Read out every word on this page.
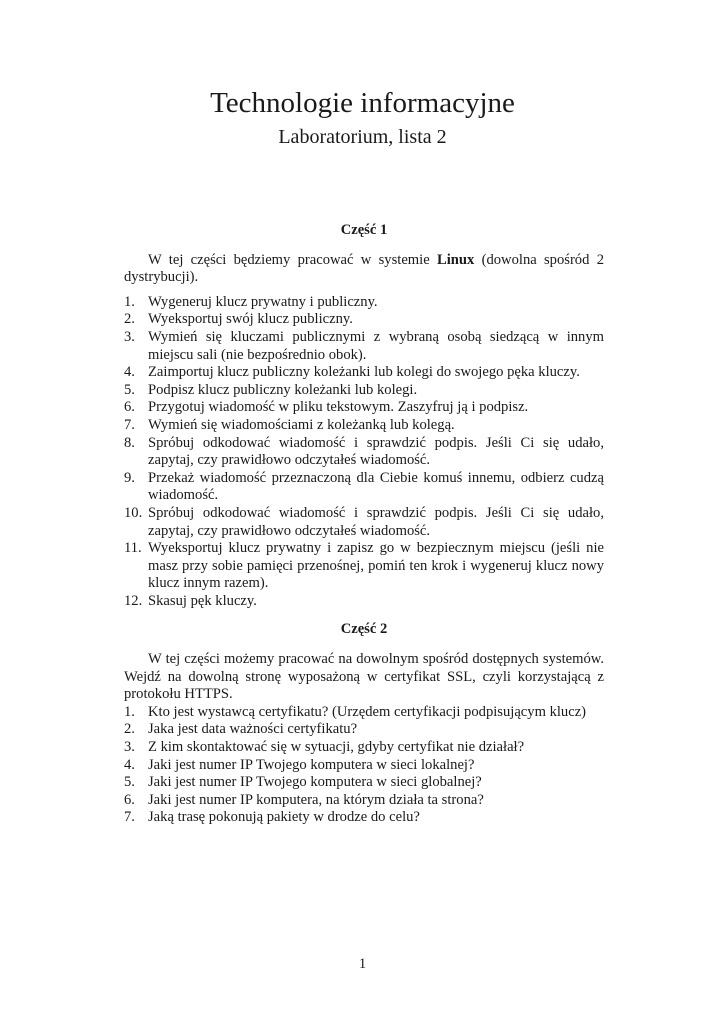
Technologie informacyjne
Laboratorium, lista 2

Część 1

W tej części będziemy pracować w systemie Linux (dowolna spośród 2 dystrybucji).

1. Wygeneruj klucz prywatny i publiczny.
2. Wyeksportuj swój klucz publiczny.
3. Wymień się kluczami publicznymi z wybraną osobą siedzącą w innym miejscu sali (nie bezpośrednio obok).
4. Zaimportuj klucz publiczny koleżanki lub kolegi do swojego pęka kluczy.
5. Podpisz klucz publiczny koleżanki lub kolegi.
6. Przygotuj wiadomość w pliku tekstowym. Zaszyfruj ją i podpisz.
7. Wymień się wiadomościami z koleżanką lub kolegą.
8. Spróbuj odkodować wiadomość i sprawdzić podpis. Jeśli Ci się udało, zapytaj, czy prawidłowo odczytałeś wiadomość.
9. Przekaż wiadomość przeznaczoną dla Ciebie komuś innemu, odbierz cudzą wiadomość.
10. Spróbuj odkodować wiadomość i sprawdzić podpis. Jeśli Ci się udało, zapytaj, czy prawidłowo odczytałeś wiadomość.
11. Wyeksportuj klucz prywatny i zapisz go w bezpiecznym miejscu (jeśli nie masz przy sobie pamięci przenośnej, pomiń ten krok i wygeneruj klucz nowy klucz innym razem).
12. Skasuj pęk kluczy.

Część 2

W tej części możemy pracować na dowolnym spośród dostępnych systemów. Wejdź na dowolną stronę wyposażoną w certyfikat SSL, czyli korzystającą z protokołu HTTPS.

1. Kto jest wystawcą certyfikatu? (Urzędem certyfikacji podpisującym klucz)
2. Jaka jest data ważności certyfikatu?
3. Z kim skontaktować się w sytuacji, gdyby certyfikat nie działał?
4. Jaki jest numer IP Twojego komputera w sieci lokalnej?
5. Jaki jest numer IP Twojego komputera w sieci globalnej?
6. Jaki jest numer IP komputera, na którym działa ta strona?
7. Jaką trasę pokonują pakiety w drodze do celu?
1
